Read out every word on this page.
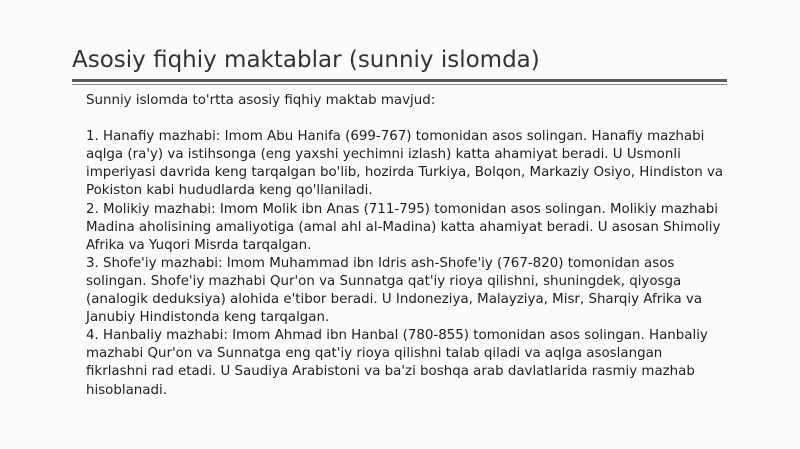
Asosiy fiqhiy maktablar (sunniy islomda)

Sunniy islomda to'rtta asosiy fiqhiy maktab mavjud:

1. Hanafiy mazhabi: Imom Abu Hanifa (699-767) tomonidan asos solingan. Hanafiy mazhabi aqlga (ra'y) va istihsonga (eng yaxshi yechimni izlash) katta ahamiyat beradi. U Usmonli imperiyasi davrida keng tarqalgan bo'lib, hozirda Turkiya, Bolqon, Markaziy Osiyo, Hindiston va Pokiston kabi hududlarda keng qo'llaniladi.

2. Molikiy mazhabi: Imom Molik ibn Anas (711-795) tomonidan asos solingan. Molikiy mazhabi Madina aholisining amaliyotiga (amal ahl al-Madina) katta ahamiyat beradi. U asosan Shimoliy Afrika va Yuqori Misrda tarqalgan.

3. Shofe'iy mazhabi: Imom Muhammad ibn Idris ash-Shofe'iy (767-820) tomonidan asos solingan. Shofe'iy mazhabi Qur'on va Sunnatga qat'iy rioya qilishni, shuningdek, qiyosga (analogik deduksiya) alohida e'tibor beradi. U Indoneziya, Malayziya, Misr, Sharqiy Afrika va Janubiy Hindistonda keng tarqalgan.

4. Hanbaliy mazhabi: Imom Ahmad ibn Hanbal (780-855) tomonidan asos solingan. Hanbaliy mazhabi Qur'on va Sunnatga eng qat'iy rioya qilishni talab qiladi va aqlga asoslangan fikrlashni rad etadi. U Saudiya Arabistoni va ba'zi boshqa arab davlatlarida rasmiy mazhab hisoblanadi.
